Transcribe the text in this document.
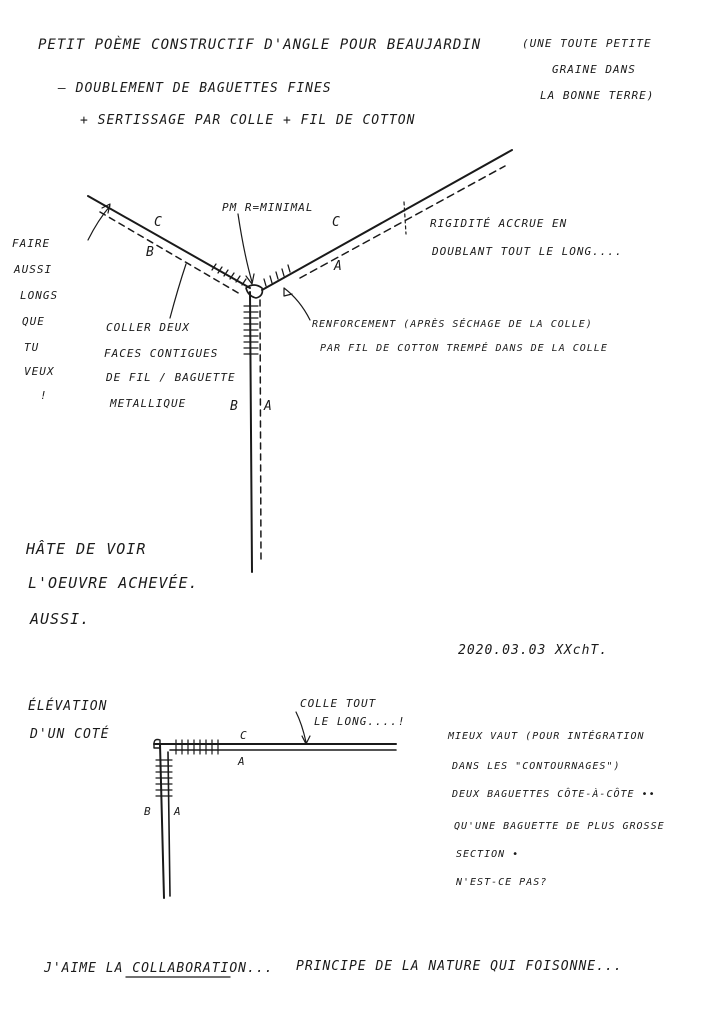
PETIT POÈME CONSTRUCTIF D'ANGLE POUR BEAUJARDIN
– DOUBLEMENT DE BAGUETTES FINES
+ SERTISSAGE PAR COLLE + FIL DE COTTON
(UNE TOUTE PETITE
GRAINE DANS
LA BONNE TERRE)
PM R=MINIMAL
C	C
B
A
B A
RIGIDITÉ ACCRUE EN
DOUBLANT TOUT LE LONG....
FAIRE
AUSSI
LONGS
QUE
TU
VEUX
!
COLLER DEUX
FACES CONTIGUES
DE FIL / BAGUETTE
METALLIQUE
RENFORCEMENT (APRÈS SÉCHAGE DE LA COLLE)
PAR FIL DE COTTON TREMPÉ DANS DE LA COLLE
HÂTE DE VOIR
L'OEUVRE ACHEVÉE.
AUSSI.
2020.03.03 XXchT.
ÉLÉVATION
D'UN COTÉ
COLLE TOUT
LE LONG....!
C
A
B A
MIEUX VAUT (POUR INTÉGRATION
DANS LES "CONTOURNAGES")
DEUX BAGUETTES CÔTE-À-CÔTE ••
QU'UNE BAGUETTE DE PLUS GROSSE
SECTION •
N'EST-CE PAS?
J'AIME LA COLLABORATION... PRINCIPE DE LA NATURE QUI FOISONNE...
